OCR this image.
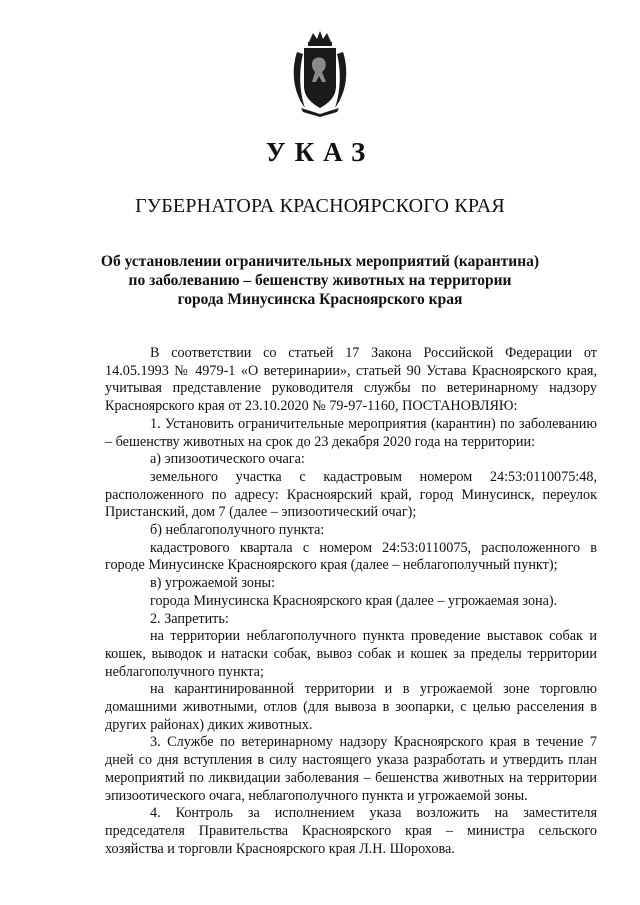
УКАЗ
ГУБЕРНАТОРА КРАСНОЯРСКОГО КРАЯ
Об установлении ограничительных мероприятий (карантина)
по заболеванию – бешенству животных на территории
города Минусинска Красноярского края

В соответствии со статьей 17 Закона Российской Федерации от 14.05.1993 № 4979-1 «О ветеринарии», статьей 90 Устава Красноярского края, учитывая представление руководителя службы по ветеринарному надзору Красноярского края от 23.10.2020 № 79-97-1160, ПОСТАНОВЛЯЮ:

1. Установить ограничительные мероприятия (карантин) по заболеванию – бешенству животных на срок до 23 декабря 2020 года на территории:

а) эпизоотического очага:

земельного участка с кадастровым номером 24:53:0110075:48, расположенного по адресу: Красноярский край, город Минусинск, переулок Пристанский, дом 7 (далее – эпизоотический очаг);

б) неблагополучного пункта:

кадастрового квартала с номером 24:53:0110075, расположенного в городе Минусинске Красноярского края (далее – неблагополучный пункт);

в) угрожаемой зоны:

города Минусинска Красноярского края (далее – угрожаемая зона).

2. Запретить:

на территории неблагополучного пункта проведение выставок собак и кошек, выводок и натаски собак, вывоз собак и кошек за пределы территории неблагополучного пункта;

на карантинированной территории и в угрожаемой зоне торговлю домашними животными, отлов (для вывоза в зоопарки, с целью расселения в других районах) диких животных.

3. Службе по ветеринарному надзору Красноярского края в течение 7 дней со дня вступления в силу настоящего указа разработать и утвердить план мероприятий по ликвидации заболевания – бешенства животных на территории эпизоотического очага, неблагополучного пункта и угрожаемой зоны.

4. Контроль за исполнением указа возложить на заместителя председателя Правительства Красноярского края – министра сельского хозяйства и торговли Красноярского края Л.Н. Шорохова.
